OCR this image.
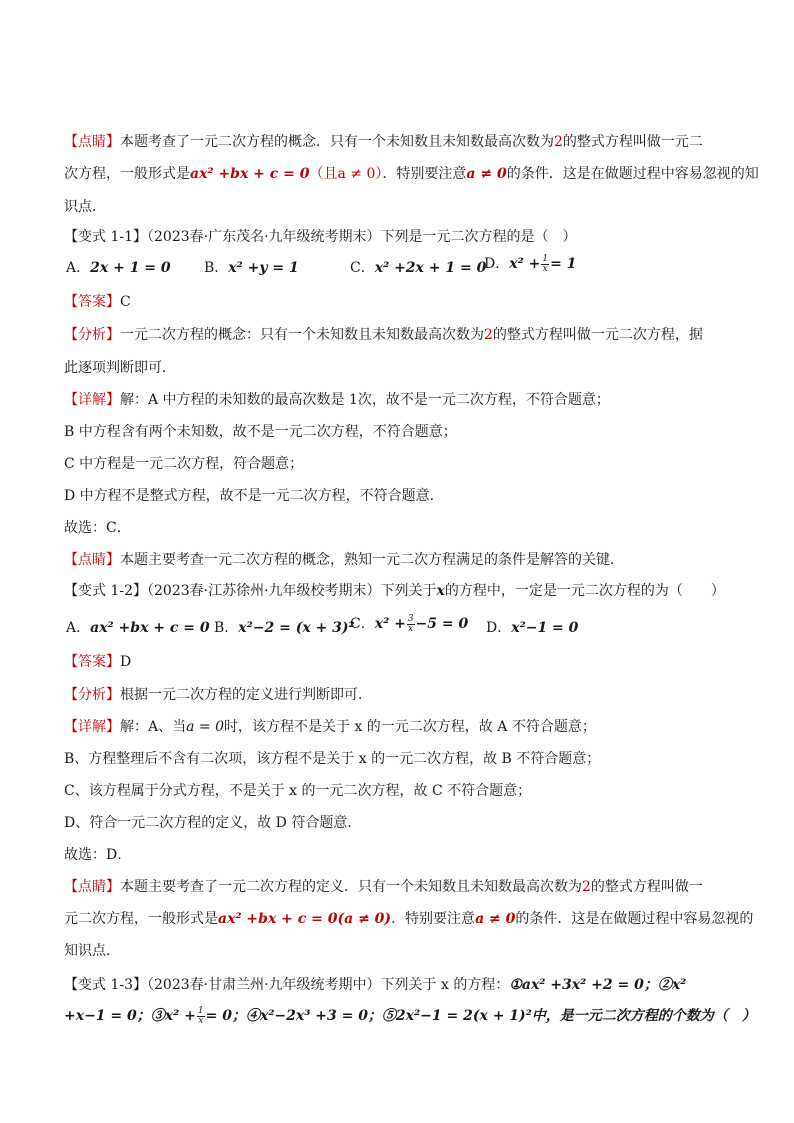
【点睛】本题考查了一元二次方程的概念．只有一个未知数且未知数最高次数为2的整式方程叫做一元二
次方程，一般形式是ax² +bx + c = 0（且a ≠ 0）．特别要注意a ≠ 0的条件．这是在做题过程中容易忽视的知
识点．
【变式 1-1】（2023春·广东茂名·九年级统考期末）下列是一元二次方程的是（　）
A．2x + 1 = 0 B．x² +y = 1	C．x² +2x + 1 = 0
D．$x^2 + \frac{1}{x} = 1$
【答案】C
【分析】一元二次方程的概念：只有一个未知数且未知数最高次数为2的整式方程叫做一元二次方程，据
此逐项判断即可．
【详解】解：A 中方程的未知数的最高次数是 1次，故不是一元二次方程，不符合题意；
B 中方程含有两个未知数，故不是一元二次方程，不符合题意；
C 中方程是一元二次方程，符合题意；
D 中方程不是整式方程，故不是一元二次方程，不符合题意．
故选：C．
【点睛】本题主要考查一元二次方程的概念，熟知一元二次方程满足的条件是解答的关键．
【变式 1-2】（2023春·江苏徐州·九年级校考期末）下列关于x的方程中，一定是一元二次方程的为（　　）
A．ax² +bx + c = 0 B．x²−2 = (x + 3)²
C．$x^2 + \frac{3}{x} -5 = 0$ D．x²−1 = 0
【答案】D
【分析】根据一元二次方程的定义进行判断即可．
【详解】解：A、当a = 0时，该方程不是关于 x 的一元二次方程，故 A 不符合题意；
B、方程整理后不含有二次项，该方程不是关于 x 的一元二次方程，故 B 不符合题意；
C、该方程属于分式方程，不是关于 x 的一元二次方程，故 C 不符合题意；
D、符合一元二次方程的定义，故 D 符合题意．
故选：D．
【点睛】本题主要考查了一元二次方程的定义．只有一个未知数且未知数最高次数为2的整式方程叫做一
元二次方程，一般形式是ax² +bx + c = 0(a ≠ 0)．特别要注意a ≠ 0的条件．这是在做题过程中容易忽视的
知识点．
【变式 1-3】（2023春·甘肃兰州·九年级统考期中）下列关于 x 的方程：①ax² +3x² +2 = 0；②x²
+x−1 = 0；③x² + $\frac{1}{x} = 0$；④x²−2x³ +3 = 0；⑤2x²−1 = 2(x + 1)²中，是一元二次方程的个数为（　）
